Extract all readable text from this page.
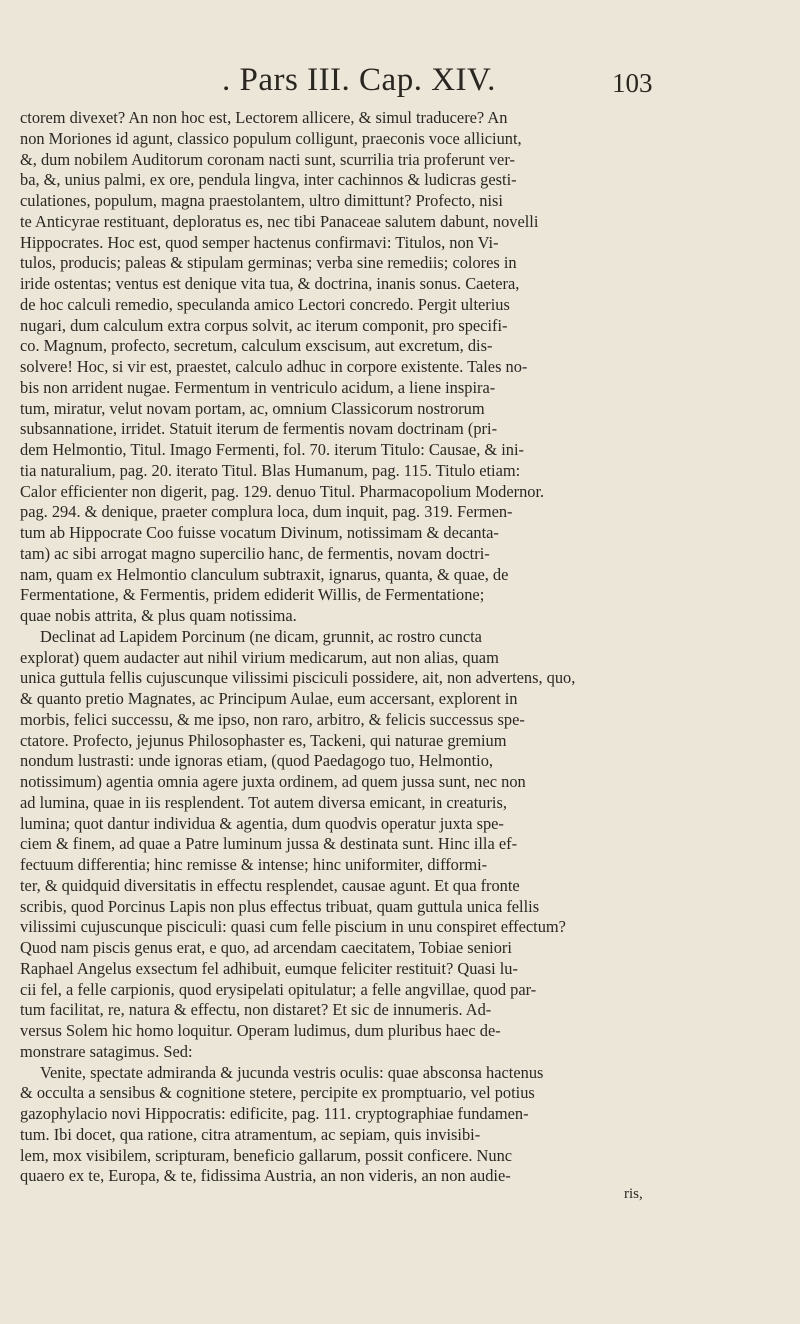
. Pars III. Cap. XIV.	103
ctorem divexet? An non hoc est, Lectorem allicere, & simul traducere? An
non Moriones id agunt, classico populum colligunt, praeconis voce alliciunt,
&, dum nobilem Auditorum coronam nacti sunt, scurrilia tria proferunt ver-
ba, &, unius palmi, ex ore, pendula lingva, inter cachinnos & ludicras gesti-
culationes, populum, magna praestolantem, ultro dimittunt? Profecto, nisi
te Anticyrae restituant, deploratus es, nec tibi Panaceae salutem dabunt, novelli
Hippocrates. Hoc est, quod semper hactenus confirmavi: Titulos, non Vi-
tulos, producis; paleas & stipulam germinas; verba sine remediis; colores in
iride ostentas; ventus est denique vita tua, & doctrina, inanis sonus. Caetera,
de hoc calculi remedio, speculanda amico Lectori concredo. Pergit ulterius
nugari, dum calculum extra corpus solvit, ac iterum componit, pro specifi-
co. Magnum, profecto, secretum, calculum exscisum, aut excretum, dis-
solvere! Hoc, si vir est, praestet, calculo adhuc in corpore existente. Tales no-
bis non arrident nugae. Fermentum in ventriculo acidum, a liene inspira-
tum, miratur, velut novam portam, ac, omnium Classicorum nostrorum
subsannatione, irridet. Statuit iterum de fermentis novam doctrinam (pri-
dem Helmontio, Titul. Imago Fermenti, fol. 70. iterum Titulo: Causae, & ini-
tia naturalium, pag. 20. iterato Titul. Blas Humanum, pag. 115. Titulo etiam:
Calor efficienter non digerit, pag. 129. denuo Titul. Pharmacopolium Modernor.
pag. 294. & denique, praeter complura loca, dum inquit, pag. 319. Fermen-
tum ab Hippocrate Coo fuisse vocatum Divinum, notissimam & decanta-
tam) ac sibi arrogat magno supercilio hanc, de fermentis, novam doctri-
nam, quam ex Helmontio clanculum subtraxit, ignarus, quanta, & quae, de
Fermentatione, & Fermentis, pridem ediderit Willis, de Fermentatione;
quae nobis attrita, & plus quam notissima.
Declinat ad Lapidem Porcinum (ne dicam, grunnit, ac rostro cuncta
explorat) quem audacter aut nihil virium medicarum, aut non alias, quam
unica guttula fellis cujuscunque vilissimi pisciculi possidere, ait, non advertens, quo,
& quanto pretio Magnates, ac Principum Aulae, eum accersant, explorent in
morbis, felici successu, & me ipso, non raro, arbitro, & felicis successus spe-
ctatore. Profecto, jejunus Philosophaster es, Tackeni, qui naturae gremium
nondum lustrasti: unde ignoras etiam, (quod Paedagogo tuo, Helmontio,
notissimum) agentia omnia agere juxta ordinem, ad quem jussa sunt, nec non
ad lumina, quae in iis resplendent. Tot autem diversa emicant, in creaturis,
lumina; quot dantur individua & agentia, dum quodvis operatur juxta spe-
ciem & finem, ad quae a Patre luminum jussa & destinata sunt. Hinc illa ef-
fectuum differentia; hinc remisse & intense; hinc uniformiter, difformi-
ter, & quidquid diversitatis in effectu resplendet, causae agunt. Et qua fronte
scribis, quod Porcinus Lapis non plus effectus tribuat, quam guttula unica fellis
vilissimi cujuscunque pisciculi: quasi cum felle piscium in unu conspiret effectum?
Quod nam piscis genus erat, e quo, ad arcendam caecitatem, Tobiae seniori
Raphael Angelus exsectum fel adhibuit, eumque feliciter restituit? Quasi lu-
cii fel, a felle carpionis, quod erysipelati opitulatur; a felle angvillae, quod par-
tum facilitat, re, natura & effectu, non distaret? Et sic de innumeris. Ad-
versus Solem hic homo loquitur. Operam ludimus, dum pluribus haec de-
monstrare satagimus. Sed:
Venite, spectate admiranda & jucunda vestris oculis: quae absconsa hactenus
& occulta a sensibus & cognitione stetere, percipite ex promptuario, vel potius
gazophylacio novi Hippocratis: edificite, pag. 111. cryptographiae fundamen-
tum. Ibi docet, qua ratione, citra atramentum, ac sepiam, quis invisibi-
lem, mox visibilem, scripturam, beneficio gallarum, possit conficere. Nunc
quaero ex te, Europa, & te, fidissima Austria, an non videris, an non audie-
ris,
